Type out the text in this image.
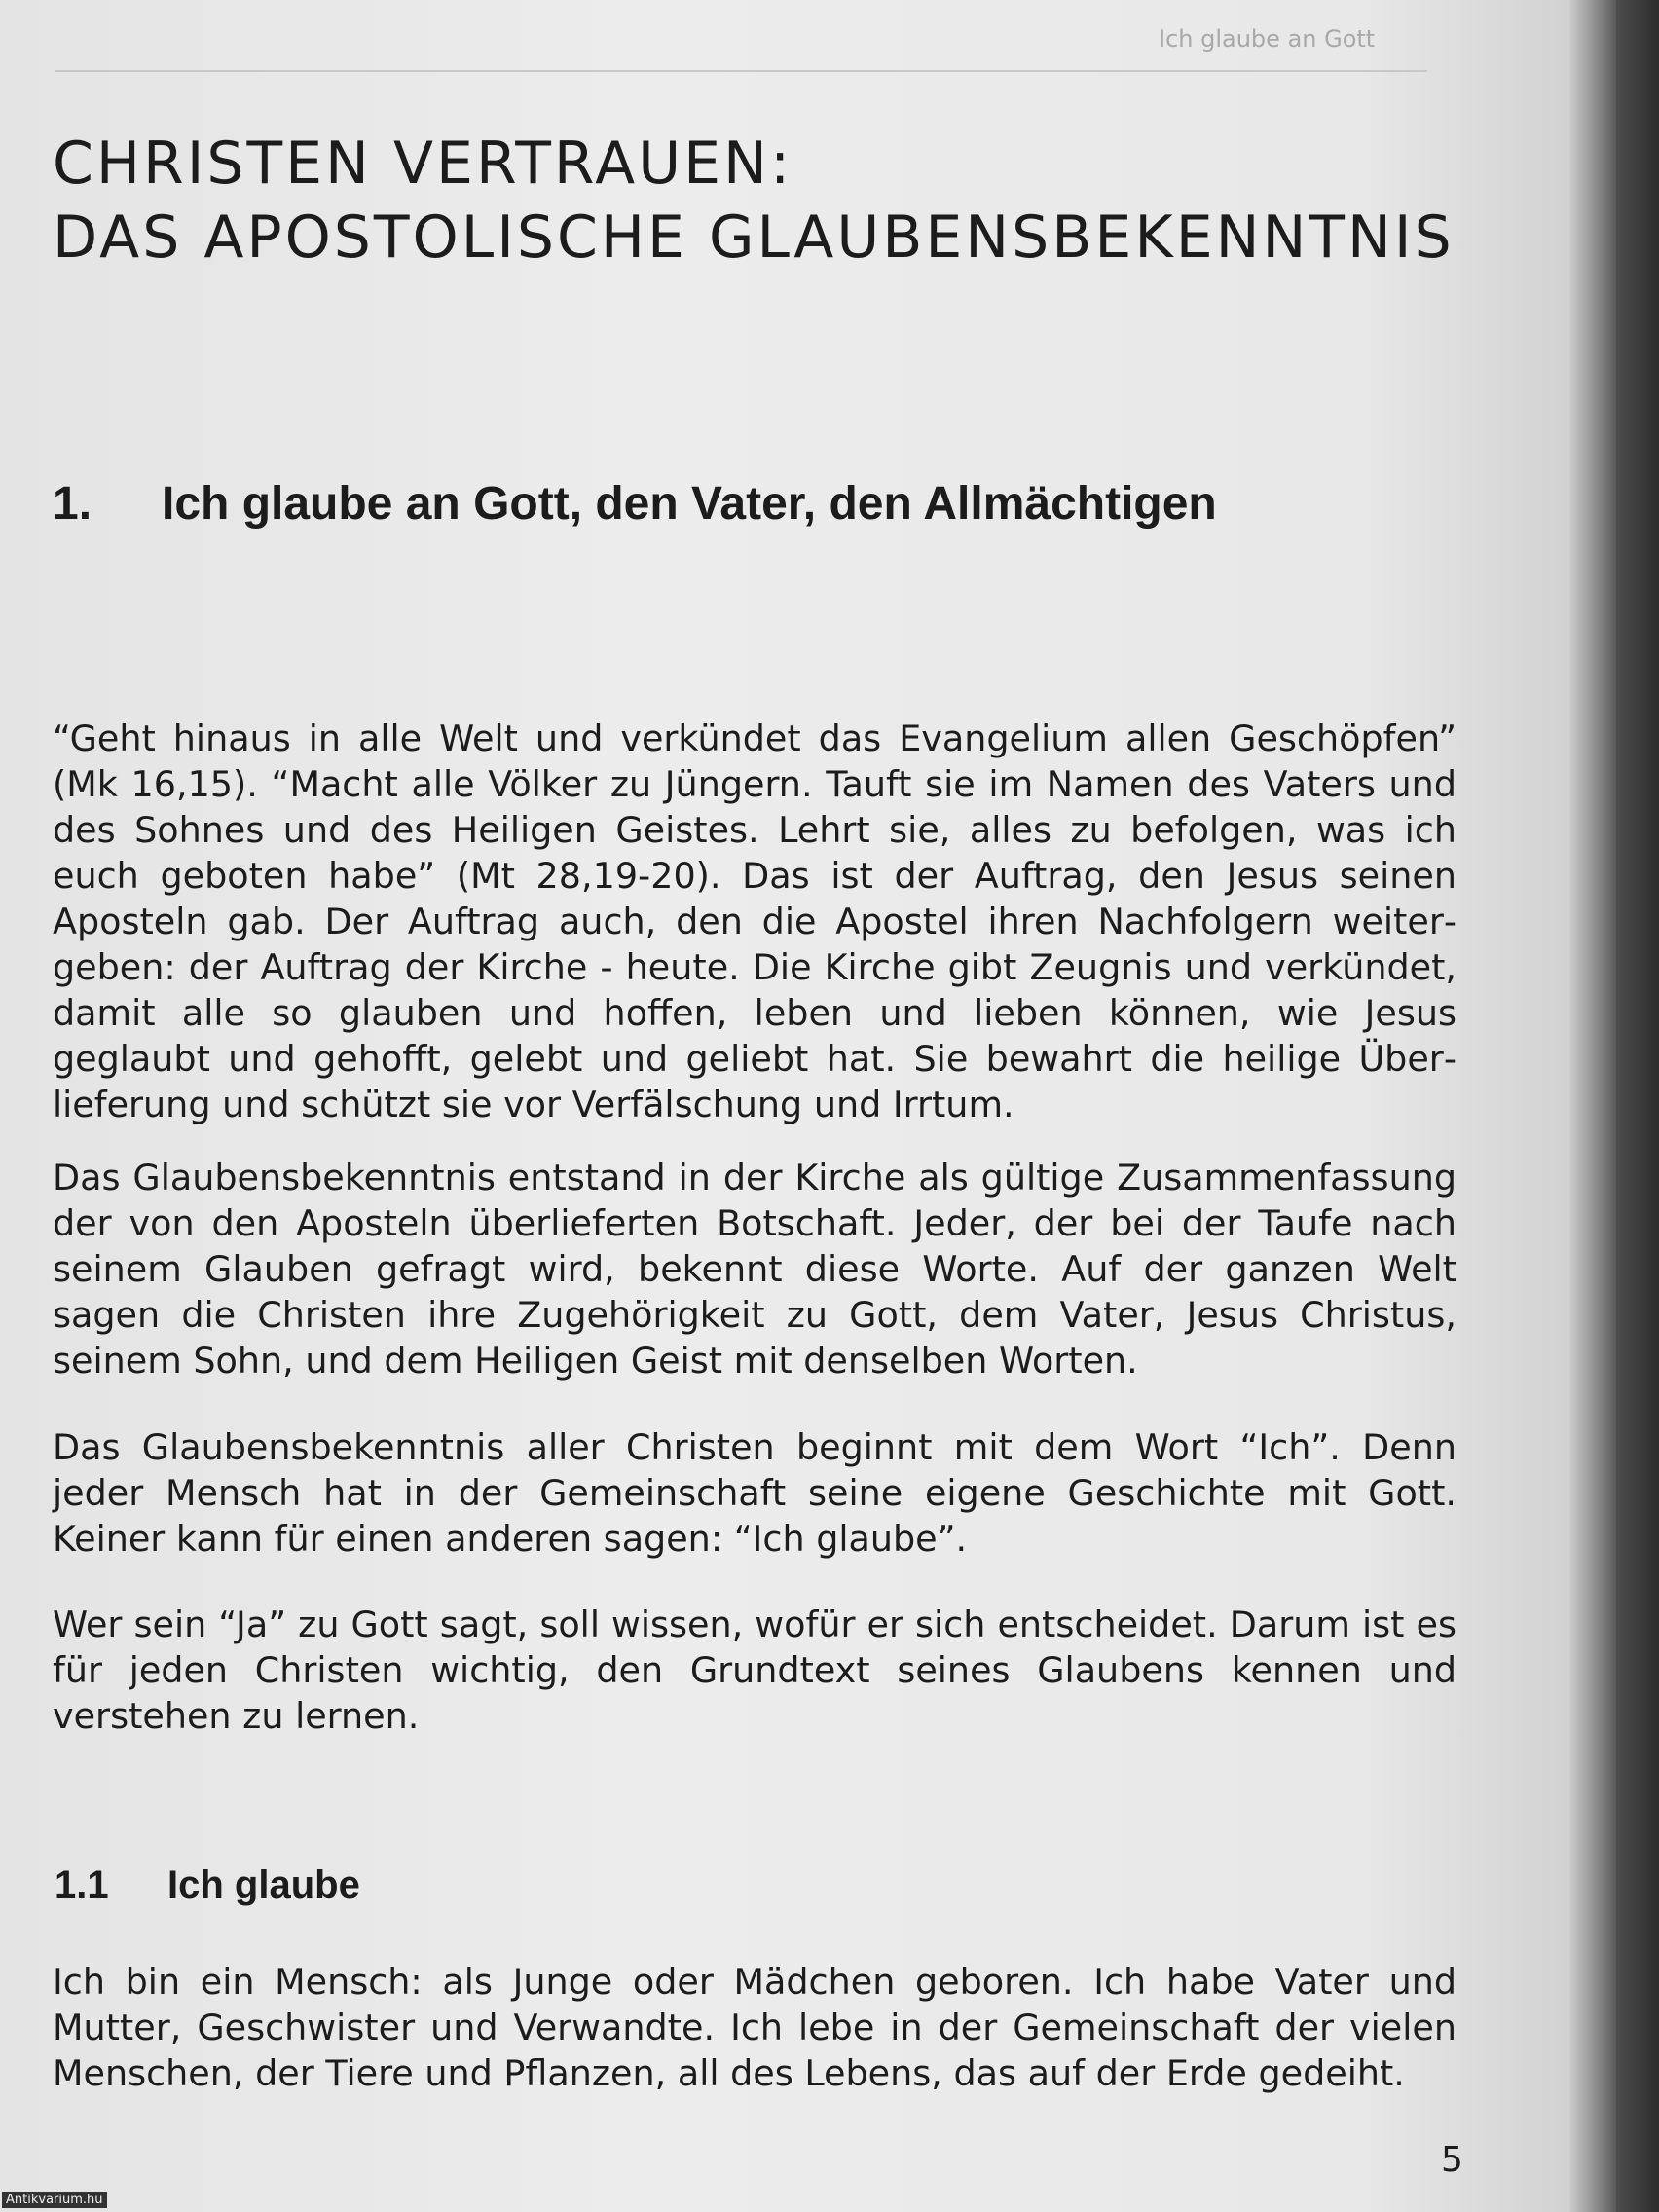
Ich glaube an Gott
CHRISTEN VERTRAUEN:
DAS APOSTOLISCHE GLAUBENSBEKENNTNIS
1. Ich glaube an Gott, den Vater, den Allmächtigen

“Geht hinaus in alle Welt und verkündet das Evangelium allen Geschöpfen” (Mk 16,15). “Macht alle Völker zu Jüngern. Tauft sie im Namen des Vaters und des Sohnes und des Heiligen Geistes. Lehrt sie, alles zu befolgen, was ich euch geboten habe” (Mt 28,19-20). Das ist der Auftrag, den Jesus seinen Aposteln gab. Der Auftrag auch, den die Apostel ihren Nachfolgern weitergeben: der Auftrag der Kirche - heute. Die Kirche gibt Zeugnis und verkündet, damit alle so glauben und hoffen, leben und lieben können, wie Jesus geglaubt und gehofft, gelebt und geliebt hat. Sie bewahrt die heilige Überlieferung und schützt sie vor Verfälschung und Irrtum.

Das Glaubensbekenntnis entstand in der Kirche als gültige Zusammenfassung der von den Aposteln überlieferten Botschaft. Jeder, der bei der Taufe nach seinem Glauben gefragt wird, bekennt diese Worte. Auf der ganzen Welt sagen die Christen ihre Zugehörigkeit zu Gott, dem Vater, Jesus Christus, seinem Sohn, und dem Heiligen Geist mit denselben Worten.

Das Glaubensbekenntnis aller Christen beginnt mit dem Wort “Ich”. Denn jeder Mensch hat in der Gemeinschaft seine eigene Geschichte mit Gott. Keiner kann für einen anderen sagen: “Ich glaube”.

Wer sein “Ja” zu Gott sagt, soll wissen, wofür er sich entscheidet. Darum ist es für jeden Christen wichtig, den Grundtext seines Glaubens kennen und verstehen zu lernen.

1.1 Ich glaube

Ich bin ein Mensch: als Junge oder Mädchen geboren. Ich habe Vater und Mutter, Geschwister und Verwandte. Ich lebe in der Gemeinschaft der vielen Menschen, der Tiere und Pflanzen, all des Lebens, das auf der Erde gedeiht.

5
Antikvarium.hu
